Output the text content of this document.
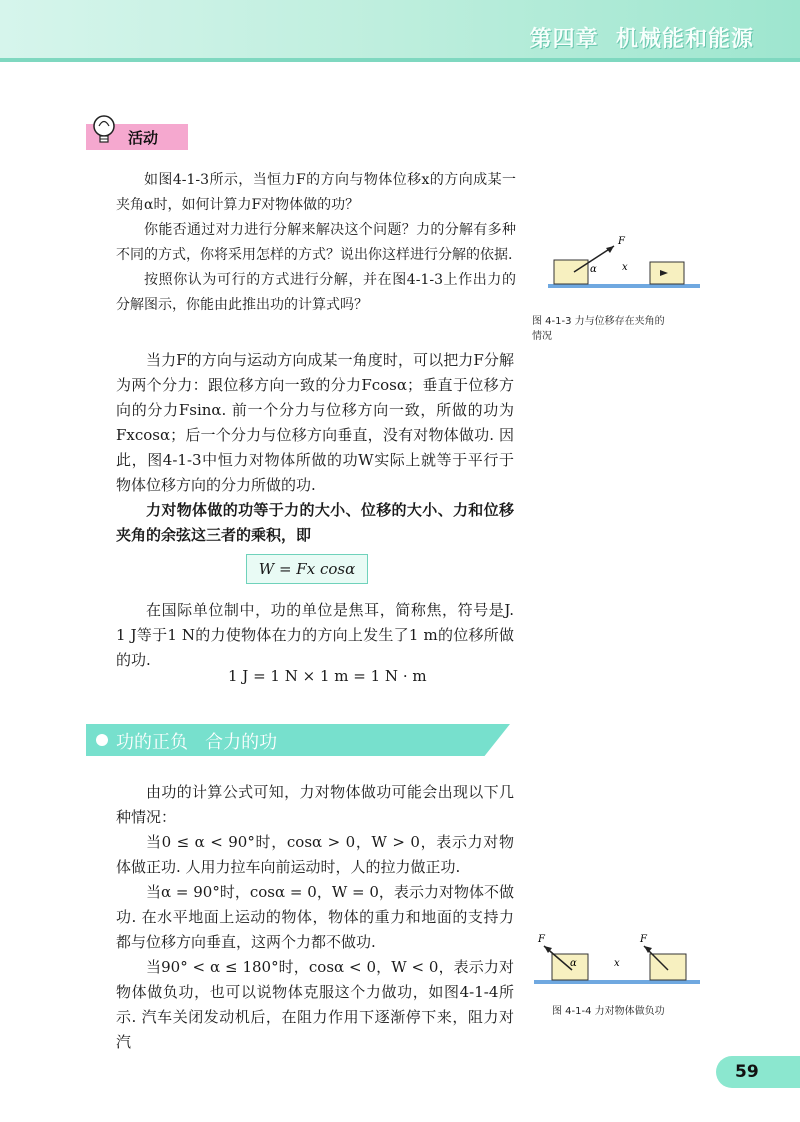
第四章  机械能和能源
活动

如图4-1-3所示，当恒力F的方向与物体位移x的方向成某一夹角α时，如何计算力F对物体做的功？

你能否通过对力进行分解来解决这个问题？力的分解有多种不同的方式，你将采用怎样的方式？说出你这样进行分解的依据.

按照你认为可行的方式进行分解，并在图4-1-3上作出力的分解图示，你能由此推出功的计算式吗？

当力F的方向与运动方向成某一角度时，可以把力F分解为两个分力：跟位移方向一致的分力Fcosα；垂直于位移方向的分力Fsinα. 前一个分力与位移方向一致，所做的功为Fxcosα；后一个分力与位移方向垂直，没有对物体做功. 因此，图4-1-3中恒力对物体所做的功W实际上就等于平行于物体位移方向的分力所做的功.

力对物体做的功等于力的大小、位移的大小、力和位移夹角的余弦这三者的乘积，即

W = Fx cosα

在国际单位制中，功的单位是焦耳，简称焦，符号是J. 1 J等于1 N的力使物体在力的方向上发生了1 m的位移所做的功.

1 J = 1 N × 1 m = 1 N · m
功的正负   合力的功

由功的计算公式可知，力对物体做功可能会出现以下几种情况：

当0 ≤ α < 90°时，cosα > 0，W > 0，表示力对物体做正功. 人用力拉车向前运动时，人的拉力做正功.

当α = 90°时，cosα = 0，W = 0，表示力对物体不做功. 在水平地面上运动的物体，物体的重力和地面的支持力都与位移方向垂直，这两个力都不做功.

当90° < α ≤ 180°时，cosα < 0，W < 0，表示力对物体做负功，也可以说物体克服这个力做功，如图4-1-4所示. 汽车关闭发动机后，在阻力作用下逐渐停下来，阻力对汽

F
α	x
图 4-1-3 力与位移存在夹角的
情况
F	F
α	x
图 4-1-4 力对物体做负功
59
